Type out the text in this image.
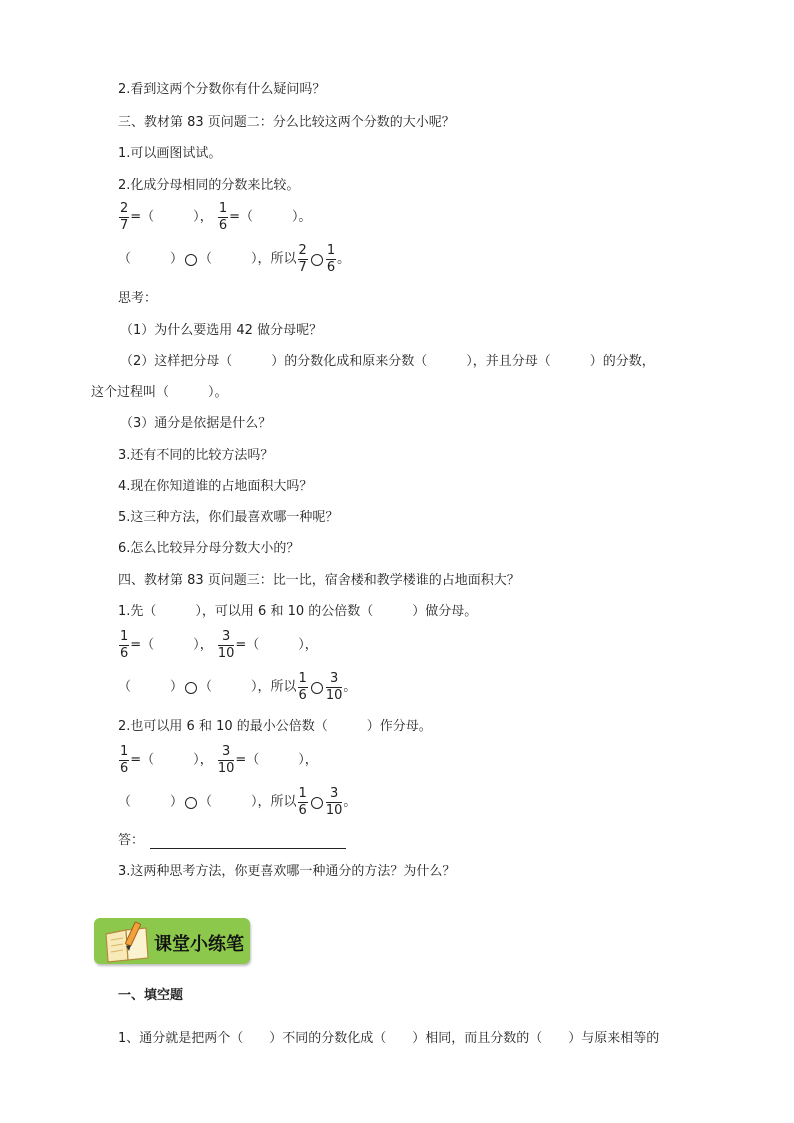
2.看到这两个分数你有什么疑问吗？
三、教材第 83 页问题二：分么比较这两个分数的大小呢？
1.可以画图试试。
2.化成分母相同的分数来比较。
$\frac{2}{7}$ =（　　　）， $\frac{1}{6}$ =（　　　）。
（　　　） （　　　），所以 $\frac{2}{7} \frac{1}{6}$ 。
思考：
（1）为什么要选用 42 做分母呢？
（2）这样把分母（　　　）的分数化成和原来分数（　　　），并且分母（　　　）的分数，
这个过程叫（　　　）。
（3）通分是依据是什么？
3.还有不同的比较方法吗？
4.现在你知道谁的占地面积大吗？
5.这三种方法，你们最喜欢哪一种呢？
6.怎么比较异分母分数大小的？
四、教材第 83 页问题三：比一比，宿舍楼和教学楼谁的占地面积大？
1.先（　　　），可以用 6 和 10 的公倍数（　　　）做分母。
$\frac{1}{6}$ =（　　　）， $\frac{3}{10}$ =（　　　），
（　　　） （　　　），所以 $\frac{1}{6} \frac{3}{10}$ 。
2.也可以用 6 和 10 的最小公倍数（　　　）作分母。
$\frac{1}{6}$ =（　　　）， $\frac{3}{10}$ =（　　　），
（　　　） （　　　），所以 $\frac{1}{6} \frac{3}{10}$ 。
答：
3.这两种思考方法，你更喜欢哪一种通分的方法？为什么？
课堂小练笔
一、填空题
1、通分就是把两个（　　）不同的分数化成（　　）相同，而且分数的（　　）与原来相等的
